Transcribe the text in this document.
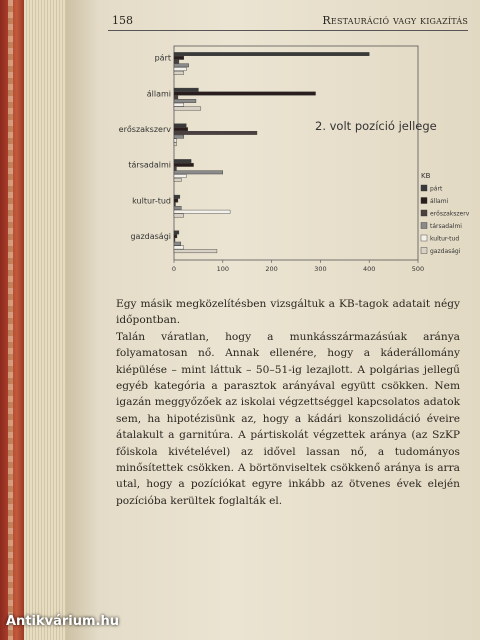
158	Restauráció vagy kigazítás
párt
állami
erőszakszerv
társadalmi
kultur-tud
gazdasági
0	100	200	300	400	500
2. volt pozíció jellege
KB
párt
állami
erőszakszerv
társadalmi
kultur-tud
gazdasági

Egy másik megközelítésben vizsgáltuk a KB-tagok adatait négy időpontban.

Talán váratlan, hogy a munkásszármazásúak aránya folyamatosan nő. Annak ellenére, hogy a káderállomány kiépülése – mint láttuk – 50–51-ig lezajlott. A polgárias jellegű egyéb kategória a parasztok arányával együtt csökken. Nem igazán meggyőzőek az iskolai végzettséggel kapcsolatos adatok sem, ha hipotézisünk az, hogy a kádári konszolidáció éveire átalakult a garnitúra. A pártiskolát végzettek aránya (az SzKP főiskola kivételével) az idővel lassan nő, a tudományos minősítettek csökken. A börtönviseltek csökkenő aránya is arra utal, hogy a pozíciókat egyre inkább az ötvenes évek elején pozícióba kerültek foglalták el.

Antikvárium.hu
